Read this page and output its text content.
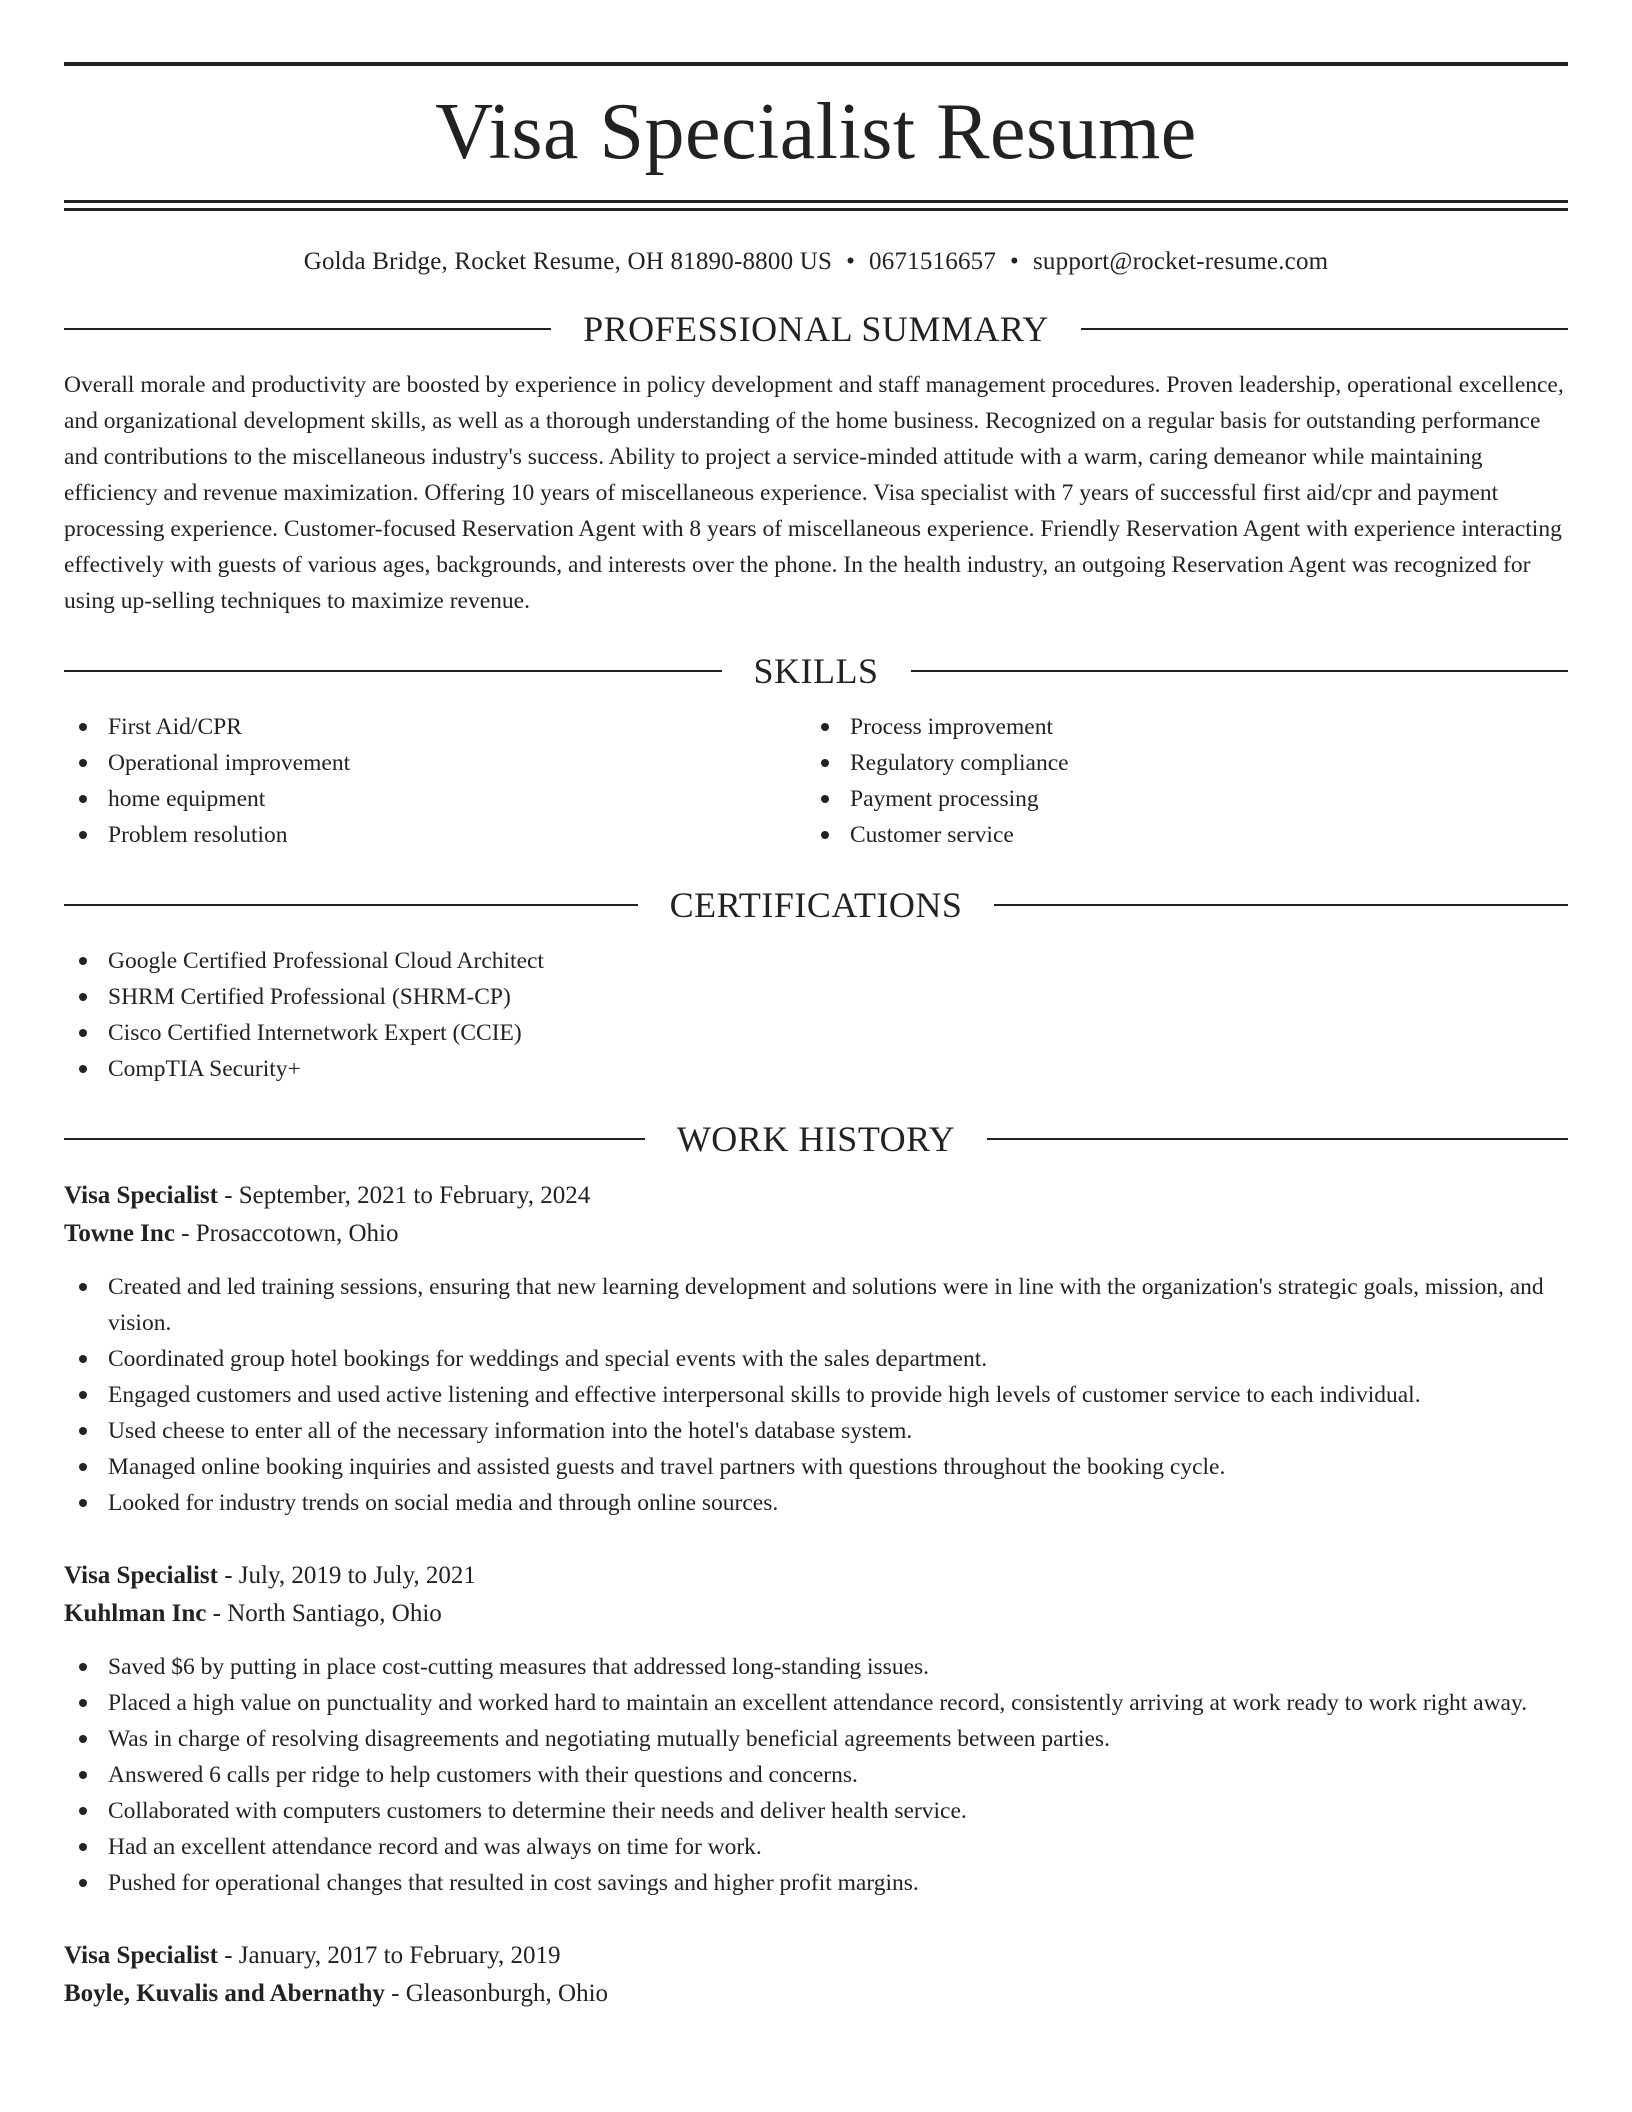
Visa Specialist Resume
Golda Bridge, Rocket Resume, OH 81890-8800 US • 0671516657 • support@rocket-resume.com
PROFESSIONAL SUMMARY

Overall morale and productivity are boosted by experience in policy development and staff management procedures. Proven leadership, operational excellence, and organizational development skills, as well as a thorough understanding of the home business. Recognized on a regular basis for outstanding performance and contributions to the miscellaneous industry's success. Ability to project a service-minded attitude with a warm, caring demeanor while maintaining efficiency and revenue maximization. Offering 10 years of miscellaneous experience. Visa specialist with 7 years of successful first aid/cpr and payment processing experience. Customer-focused Reservation Agent with 8 years of miscellaneous experience. Friendly Reservation Agent with experience interacting effectively with guests of various ages, backgrounds, and interests over the phone. In the health industry, an outgoing Reservation Agent was recognized for using up-selling techniques to maximize revenue.

SKILLS
First Aid/CPR
Operational improvement
home equipment
Problem resolution
Process improvement
Regulatory compliance
Payment processing
Customer service
CERTIFICATIONS
Google Certified Professional Cloud Architect
SHRM Certified Professional (SHRM-CP)
Cisco Certified Internetwork Expert (CCIE)
CompTIA Security+
WORK HISTORY
Visa Specialist - September, 2021 to February, 2024
Towne Inc - Prosaccotown, Ohio
Created and led training sessions, ensuring that new learning development and solutions were in line with the organization's strategic goals, mission, and vision.
Coordinated group hotel bookings for weddings and special events with the sales department.
Engaged customers and used active listening and effective interpersonal skills to provide high levels of customer service to each individual.
Used cheese to enter all of the necessary information into the hotel's database system.
Managed online booking inquiries and assisted guests and travel partners with questions throughout the booking cycle.
Looked for industry trends on social media and through online sources.
Visa Specialist - July, 2019 to July, 2021
Kuhlman Inc - North Santiago, Ohio
Saved $6 by putting in place cost-cutting measures that addressed long-standing issues.
Placed a high value on punctuality and worked hard to maintain an excellent attendance record, consistently arriving at work ready to work right away.
Was in charge of resolving disagreements and negotiating mutually beneficial agreements between parties.
Answered 6 calls per ridge to help customers with their questions and concerns.
Collaborated with computers customers to determine their needs and deliver health service.
Had an excellent attendance record and was always on time for work.
Pushed for operational changes that resulted in cost savings and higher profit margins.
Visa Specialist - January, 2017 to February, 2019
Boyle, Kuvalis and Abernathy - Gleasonburgh, Ohio
